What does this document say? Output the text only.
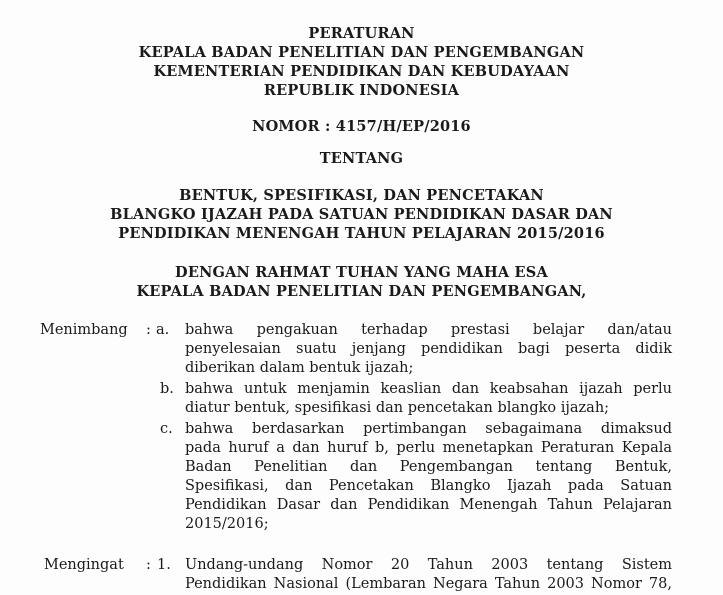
PERATURAN
KEPALA BADAN PENELITIAN DAN PENGEMBANGAN
KEMENTERIAN PENDIDIKAN DAN KEBUDAYAAN
REPUBLIK INDONESIA
NOMOR : 4157/H/EP/2016
TENTANG
BENTUK, SPESIFIKASI, DAN PENCETAKAN
BLANGKO IJAZAH PADA SATUAN PENDIDIKAN DASAR DAN
PENDIDIKAN MENENGAH TAHUN PELAJARAN 2015/2016
DENGAN RAHMAT TUHAN YANG MAHA ESA
KEPALA BADAN PENELITIAN DAN PENGEMBANGAN,
Menimbang : a. bahwa pengakuan terhadap prestasi belajar dan/atau
penyelesaian suatu jenjang pendidikan bagi peserta didik
diberikan dalam bentuk ijazah;
b. bahwa untuk menjamin keaslian dan keabsahan ijazah perlu
diatur bentuk, spesifikasi dan pencetakan blangko ijazah;
c. bahwa berdasarkan pertimbangan sebagaimana dimaksud
pada huruf a dan huruf b, perlu menetapkan Peraturan Kepala
Badan Penelitian dan Pengembangan tentang Bentuk,
Spesifikasi, dan Pencetakan Blangko Ijazah pada Satuan
Pendidikan Dasar dan Pendidikan Menengah Tahun Pelajaran
2015/2016;
Mengingat : 1. Undang-undang Nomor 20 Tahun 2003 tentang Sistem
Pendidikan Nasional (Lembaran Negara Tahun 2003 Nomor 78,
